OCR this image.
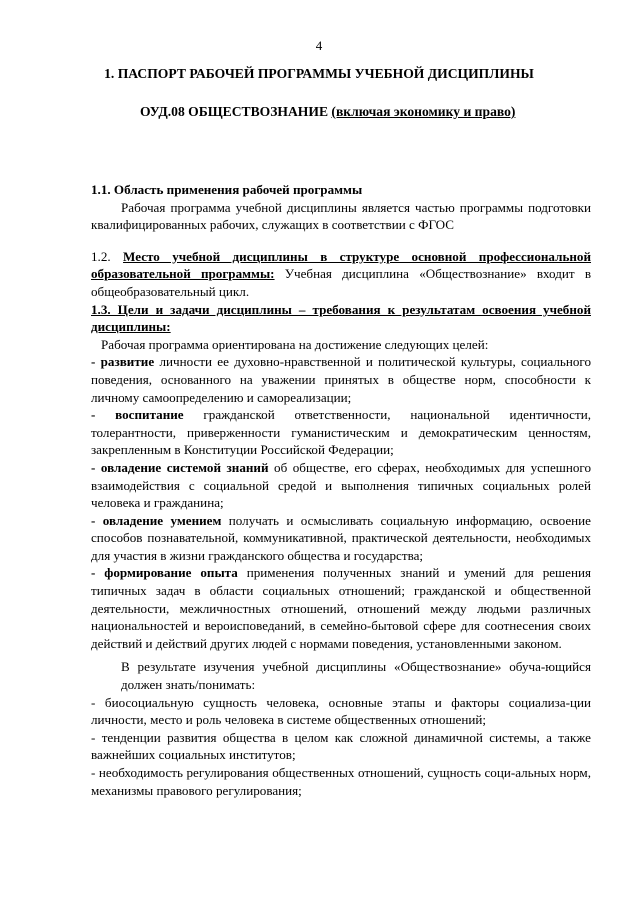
4
1. ПАСПОРТ РАБОЧЕЙ ПРОГРАММЫ УЧЕБНОЙ ДИСЦИПЛИНЫ
ОУД.08 ОБЩЕСТВОЗНАНИЕ (включая экономику и право)

1.1. Область применения рабочей программы

Рабочая программа учебной дисциплины является частью программы подготовки квалифицированных рабочих, служащих в соответствии с ФГОС

1.2. Место учебной дисциплины в структуре основной профессиональной образовательной программы: Учебная дисциплина «Обществознание» входит в общеобразовательный цикл.

1.3. Цели и задачи дисциплины – требования к результатам освоения учебной дисциплины:

Рабочая программа ориентирована на достижение следующих целей:

- развитие личности ее духовно-нравственной и политической культуры, социального поведения, основанного на уважении принятых в обществе норм, способности к личному самоопределению и самореализации;

- воспитание гражданской ответственности, национальной идентичности, толерантности, приверженности гуманистическим и демократическим ценностям, закрепленным в Конституции Российской Федерации;

- овладение системой знаний об обществе, его сферах, необходимых для успешного взаимодействия с социальной средой и выполнения типичных социальных ролей человека и гражданина;

- овладение умением получать и осмысливать социальную информацию, освоение способов познавательной, коммуникативной, практической деятельности, необходимых для участия в жизни гражданского общества и государства;

- формирование опыта применения полученных знаний и умений для решения типичных задач в области социальных отношений; гражданской и общественной деятельности, межличностных отношений, отношений между людьми различных национальностей и вероисповеданий, в семейно-бытовой сфере для соотнесения своих действий и действий других людей с нормами поведения, установленными законом.

В результате изучения учебной дисциплины «Обществознание» обуча-ющийся должен знать/понимать:

- биосоциальную сущность человека, основные этапы и факторы социализа-ции личности, место и роль человека в системе общественных отношений;

- тенденции развития общества в целом как сложной динамичной системы, а также важнейших социальных институтов;

- необходимость регулирования общественных отношений, сущность соци-альных норм, механизмы правового регулирования;
